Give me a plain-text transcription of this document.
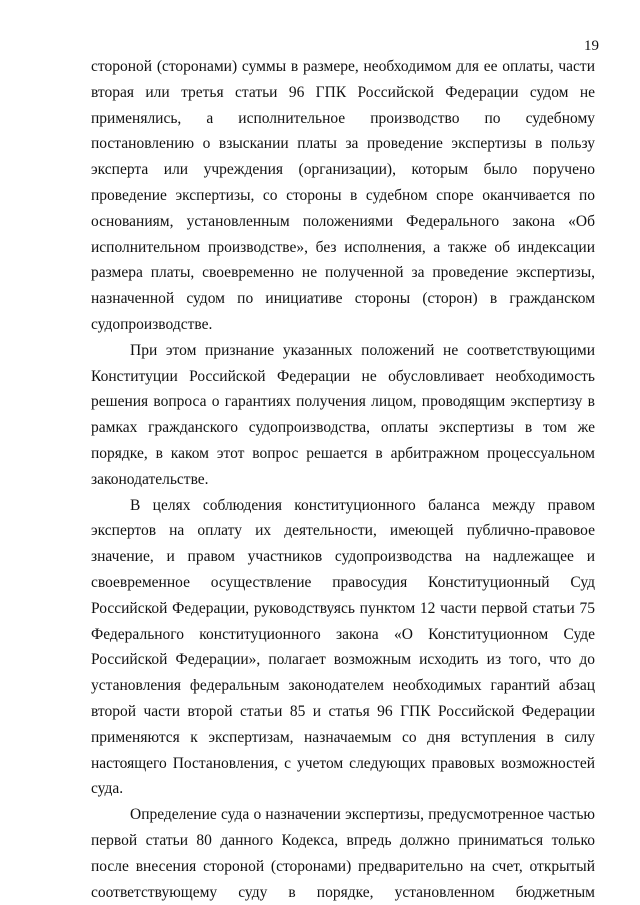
19

стороной (сторонами) суммы в размере, необходимом для ее оплаты, части вторая или третья статьи 96 ГПК Российской Федерации судом не применялись, а исполнительное производство по судебному постановлению о взыскании платы за проведение экспертизы в пользу эксперта или учреждения (организации), которым было поручено проведение экспертизы, со стороны в судебном споре оканчивается по основаниям, установленным положениями Федерального закона «Об исполнительном производстве», без исполнения, а также об индексации размера платы, своевременно не полученной за проведение экспертизы, назначенной судом по инициативе стороны (сторон) в гражданском судопроизводстве.

При этом признание указанных положений не соответствующими Конституции Российской Федерации не обусловливает необходимость решения вопроса о гарантиях получения лицом, проводящим экспертизу в рамках гражданского судопроизводства, оплаты экспертизы в том же порядке, в каком этот вопрос решается в арбитражном процессуальном законодательстве.

В целях соблюдения конституционного баланса между правом экспертов на оплату их деятельности, имеющей публично-правовое значение, и правом участников судопроизводства на надлежащее и своевременное осуществление правосудия Конституционный Суд Российской Федерации, руководствуясь пунктом 12 части первой статьи 75 Федерального конституционного закона «О Конституционном Суде Российской Федерации», полагает возможным исходить из того, что до установления федеральным законодателем необходимых гарантий абзац второй части второй статьи 85 и статья 96 ГПК Российской Федерации применяются к экспертизам, назначаемым со дня вступления в силу настоящего Постановления, с учетом следующих правовых возможностей суда.

Определение суда о назначении экспертизы, предусмотренное частью первой статьи 80 данного Кодекса, впредь должно приниматься только после внесения стороной (сторонами) предварительно на счет, открытый соответствующему суду в порядке, установленном бюджетным
